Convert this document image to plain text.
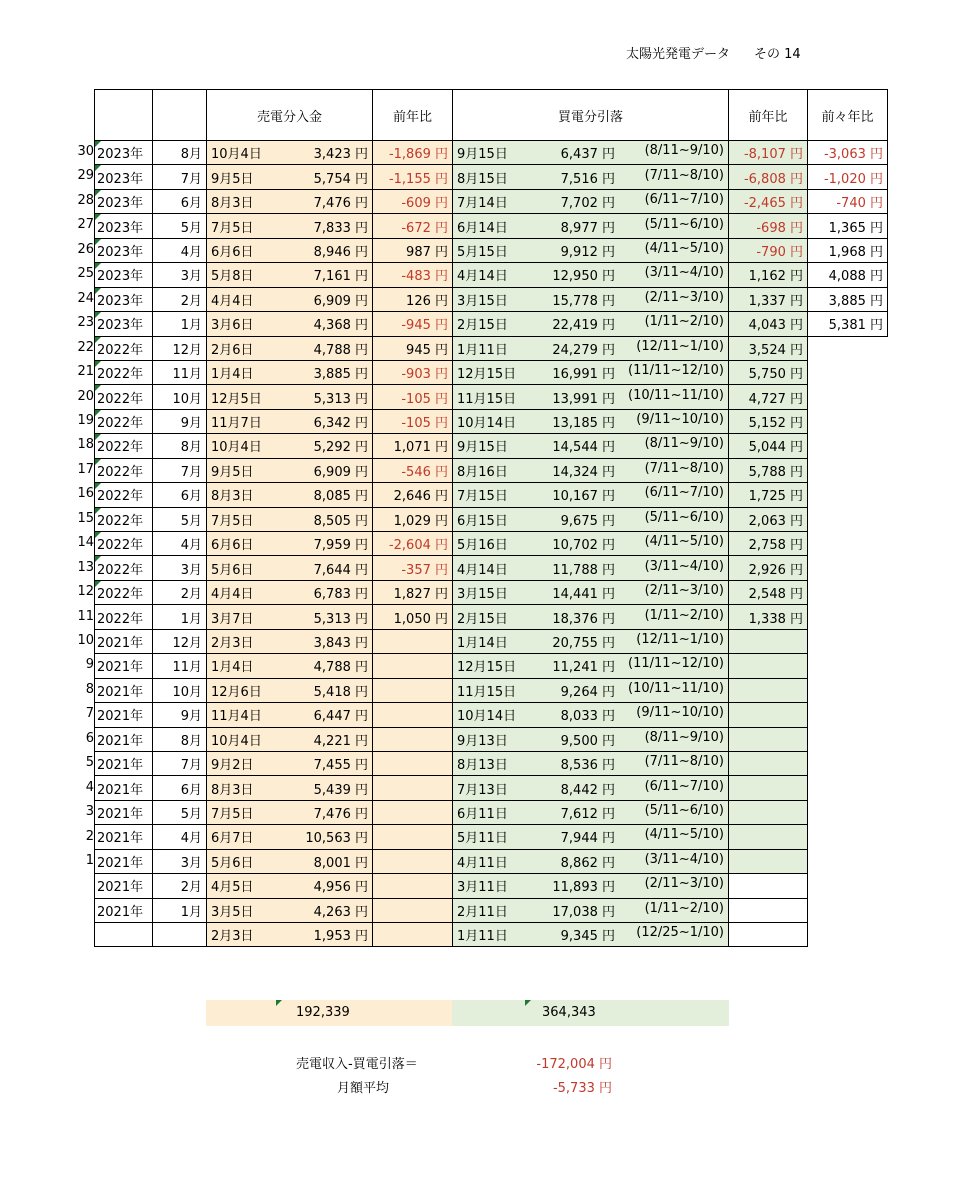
太陽光発電データ その 14
30
29
28
27
26
25
24
23
22
21
20
19
18
17
16
15
14
13
12
11
10
9
8
7
6
5
4
3
2
1
		売電分入金	前年比	買電分引落	前年比	前々年比
2023年	8月	10月4日 3,423 円	-1,869 円	9月15日 6,437 円 (8/11~9/10)	-8,107 円	-3,063 円
2023年	7月	9月5日 5,754 円	-1,155 円	8月15日 7,516 円 (7/11~8/10)	-6,808 円	-1,020 円
2023年	6月	8月3日 7,476 円	-609 円	7月14日 7,702 円 (6/11~7/10)	-2,465 円	-740 円
2023年	5月	7月5日 7,833 円	-672 円	6月14日 8,977 円 (5/11~6/10)	-698 円	1,365 円
2023年	4月	6月6日 8,946 円	987 円	5月15日 9,912 円 (4/11~5/10)	-790 円	1,968 円
2023年	3月	5月8日 7,161 円	-483 円	4月14日 12,950 円 (3/11~4/10)	1,162 円	4,088 円
2023年	2月	4月4日 6,909 円	126 円	3月15日 15,778 円 (2/11~3/10)	1,337 円	3,885 円
2023年	1月	3月6日 4,368 円	-945 円	2月15日 22,419 円 (1/11~2/10)	4,043 円	5,381 円
2022年	12月	2月6日 4,788 円	945 円	1月11日 24,279 円 (12/11~1/10)	3,524 円	
2022年	11月	1月4日 3,885 円	-903 円	12月15日 16,991 円 (11/11~12/10)	5,750 円	
2022年	10月	12月5日 5,313 円	-105 円	11月15日 13,991 円 (10/11~11/10)	4,727 円	
2022年	9月	11月7日 6,342 円	-105 円	10月14日 13,185 円 (9/11~10/10)	5,152 円	
2022年	8月	10月4日 5,292 円	1,071 円	9月15日 14,544 円 (8/11~9/10)	5,044 円	
2022年	7月	9月5日 6,909 円	-546 円	8月16日 14,324 円 (7/11~8/10)	5,788 円	
2022年	6月	8月3日 8,085 円	2,646 円	7月15日 10,167 円 (6/11~7/10)	1,725 円	
2022年	5月	7月5日 8,505 円	1,029 円	6月15日 9,675 円 (5/11~6/10)	2,063 円	
2022年	4月	6月6日 7,959 円	-2,604 円	5月16日 10,702 円 (4/11~5/10)	2,758 円	
2022年	3月	5月6日 7,644 円	-357 円	4月14日 11,788 円 (3/11~4/10)	2,926 円	
2022年	2月	4月4日 6,783 円	1,827 円	3月15日 14,441 円 (2/11~3/10)	2,548 円	
2022年	1月	3月7日 5,313 円	1,050 円	2月15日 18,376 円 (1/11~2/10)	1,338 円	
2021年	12月	2月3日 3,843 円		1月14日 20,755 円 (12/11~1/10)		

2021年	11月	1月4日 4,788 円		12月15日 11,241 円 (11/11~12/10)		

2021年	10月	12月6日 5,418 円		11月15日 9,264 円 (10/11~11/10)		

2021年	9月	11月4日 6,447 円		10月14日 8,033 円 (9/11~10/10)		

2021年	8月	10月4日 4,221 円		9月13日 9,500 円 (8/11~9/10)		

2021年	7月	9月2日 7,455 円		8月13日 8,536 円 (7/11~8/10)		

2021年	6月	8月3日 5,439 円		7月13日 8,442 円 (6/11~7/10)		

2021年	5月	7月5日 7,476 円		6月11日 7,612 円 (5/11~6/10)		

2021年	4月	6月7日 10,563 円		5月11日 7,944 円 (4/11~5/10)		

2021年	3月	5月6日 8,001 円		4月11日 8,862 円 (3/11~4/10)		

2021年	2月	4月5日 4,956 円		3月11日 11,893 円 (2/11~3/10)		

2021年	1月	3月5日 4,263 円		2月11日 17,038 円 (1/11~2/10)		

		2月3日 1,953 円		1月11日 9,345 円 (12/25~1/10)		

192,339	364,343
売電収入-買電引落＝	-172,004 円
月額平均	-5,733 円
